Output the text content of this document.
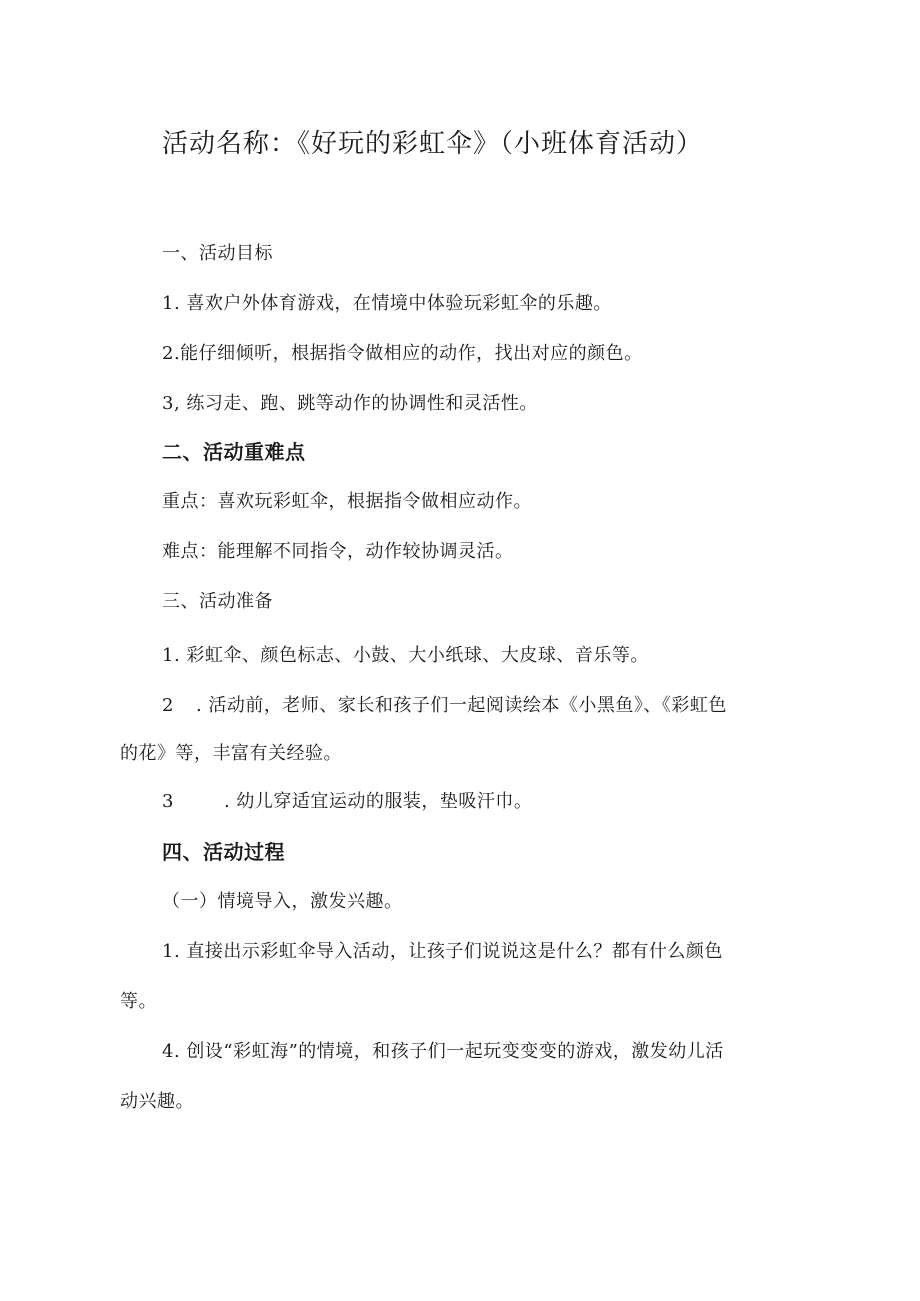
活动名称：《好玩的彩虹伞》（小班体育活动）
一、活动目标
1. 喜欢户外体育游戏，在情境中体验玩彩虹伞的乐趣。
2.能仔细倾听，根据指令做相应的动作，找出对应的颜色。
3, 练习走、跑、跳等动作的协调性和灵活性。
二、活动重难点
重点：喜欢玩彩虹伞，根据指令做相应动作。
难点：能理解不同指令，动作较协调灵活。
三、活动准备
1. 彩虹伞、颜色标志、小鼓、大小纸球、大皮球、音乐等。
2 . 活动前，老师、家长和孩子们一起阅读绘本《小黑鱼》、《彩虹色
的花》等，丰富有关经验。
3	. 幼儿穿适宜运动的服装，垫吸汗巾。
四、活动过程
（一）情境导入，激发兴趣。
1. 直接出示彩虹伞导入活动，让孩子们说说这是什么？都有什么颜色
等。
4. 创设“彩虹海”的情境，和孩子们一起玩变变变的游戏，激发幼儿活
动兴趣。
